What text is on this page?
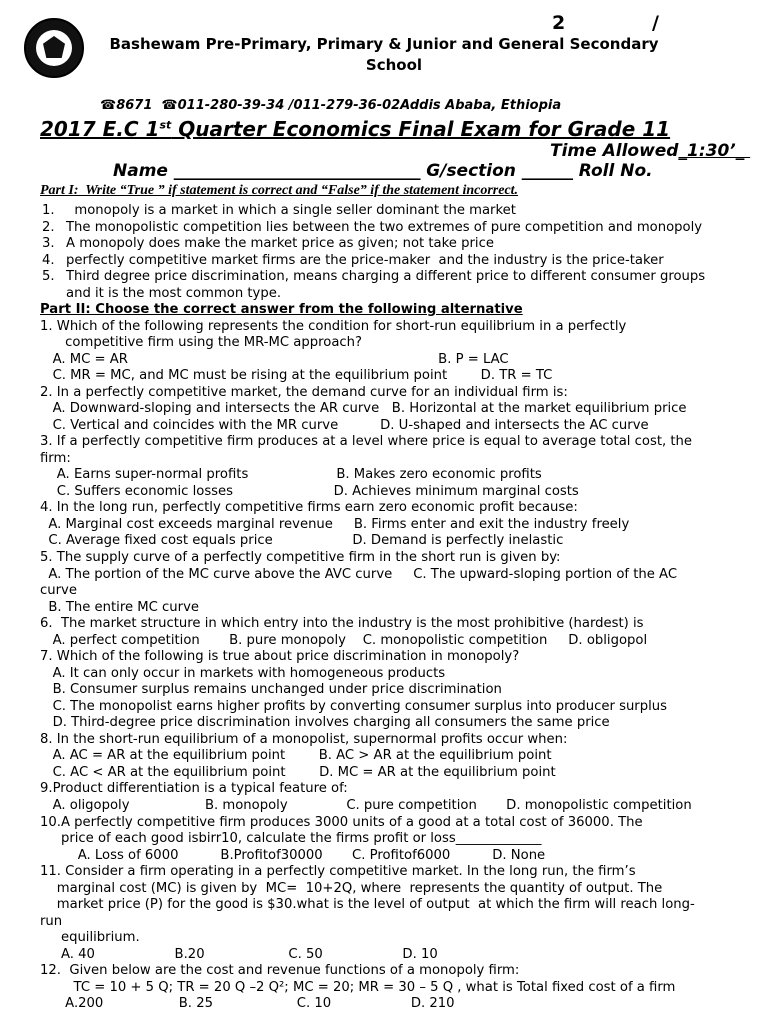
2	/
Bashewam Pre-Primary, Primary & Junior and General Secondary
School
☎8671  ☎011-280-39-34 /011-279-36-02Addis Ababa, Ethiopia
2017 E.C 1st Quarter Economics Final Exam for Grade 11
Time Allowed_1:30’_
Name _____________________________ G/section ______ Roll No.
Part I:  Write “True ” if statement is correct and “False” if the statement incorrect.
1.  monopoly is a market in which a single seller dominant the market
2. The monopolistic competition lies between the two extremes of pure competition and monopoly
3. A monopoly does make the market price as given; not take price
4. perfectly competitive market firms are the price-maker  and the industry is the price-taker
5. Third degree price discrimination, means charging a different price to different consumer groups
and it is the most common type.
Part II: Choose the correct answer from the following alternative
1. Which of the following represents the condition for short-run equilibrium in a perfectly
competitive firm using the MR-MC approach?
A. MC = AR                                                                          B. P = LAC
C. MR = MC, and MC must be rising at the equilibrium point        D. TR = TC
2. In a perfectly competitive market, the demand curve for an individual firm is:
A. Downward-sloping and intersects the AR curve   B. Horizontal at the market equilibrium price
C. Vertical and coincides with the MR curve          D. U-shaped and intersects the AC curve
3. If a perfectly competitive firm produces at a level where price is equal to average total cost, the
firm:
A. Earns super-normal profits                     B. Makes zero economic profits
C. Suffers economic losses                        D. Achieves minimum marginal costs
4. In the long run, perfectly competitive firms earn zero economic profit because:
A. Marginal cost exceeds marginal revenue     B. Firms enter and exit the industry freely
C. Average fixed cost equals price                   D. Demand is perfectly inelastic
5. The supply curve of a perfectly competitive firm in the short run is given by:
A. The portion of the MC curve above the AVC curve     C. The upward-sloping portion of the AC
curve
B. The entire MC curve
6.  The market structure in which entry into the industry is the most prohibitive (hardest) is
A. perfect competition       B. pure monopoly    C. monopolistic competition     D. obligopol
7. Which of the following is true about price discrimination in monopoly?
A. It can only occur in markets with homogeneous products
B. Consumer surplus remains unchanged under price discrimination
C. The monopolist earns higher profits by converting consumer surplus into producer surplus
D. Third-degree price discrimination involves charging all consumers the same price
8. In the short-run equilibrium of a monopolist, supernormal profits occur when:
A. AC = AR at the equilibrium point        B. AC > AR at the equilibrium point
C. AC < AR at the equilibrium point        D. MC = AR at the equilibrium point
9.Product differentiation is a typical feature of:
A. oligopoly                  B. monopoly              C. pure competition       D. monopolistic competition
10.A perfectly competitive firm produces 3000 units of a good at a total cost of 36000. The
price of each good isbirr10, calculate the firms profit or loss_____________
A. Loss of 6000          B.Profitof30000       C. Profitof6000          D. None
11. Consider a firm operating in a perfectly competitive market. In the long run, the firm’s
marginal cost (MC) is given by  MC=  10+2Q, where  represents the quantity of output. The
market price (P) for the good is $30.what is the level of output  at which the firm will reach long-
run
equilibrium.
A. 40                   B.20                    C. 50                   D. 10
12.  Given below are the cost and revenue functions of a monopoly firm:
TC = 10 + 5 Q; TR = 20 Q –2 Q²; MC = 20; MR = 30 – 5 Q , what is Total fixed cost of a firm
A.200                  B. 25                    C. 10                   D. 210
